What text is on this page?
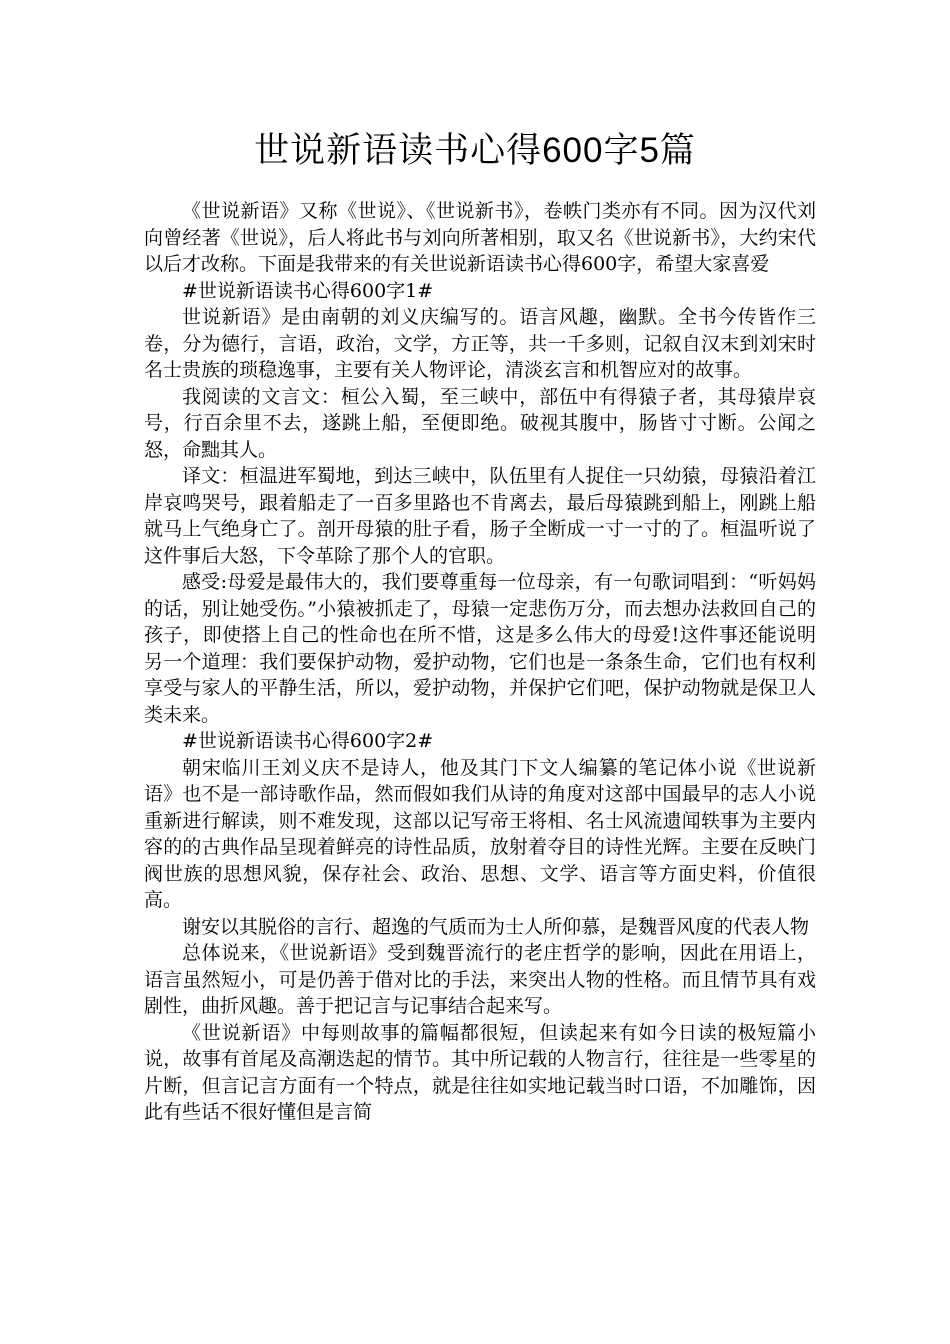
世说新语读书心得600字5篇

《世说新语》又称《世说》、《世说新书》，卷帙门类亦有不同。因为汉代刘向曾经著《世说》，后人将此书与刘向所著相别，取又名《世说新书》，大约宋代以后才改称。下面是我带来的有关世说新语读书心得600字，希望大家喜爱

#世说新语读书心得600字1#

世说新语》是由南朝的刘义庆编写的。语言风趣，幽默。全书今传皆作三卷，分为德行，言语，政治，文学，方正等，共一千多则，记叙自汉末到刘宋时名士贵族的琐稳逸事，主要有关人物评论，清淡玄言和机智应对的故事。

我阅读的文言文：桓公入蜀，至三峡中，部伍中有得猿子者，其母猿岸哀号，行百余里不去，遂跳上船，至便即绝。破视其腹中，肠皆寸寸断。公闻之怒，命黜其人。

译文：桓温进军蜀地，到达三峡中，队伍里有人捉住一只幼猿，母猿沿着江岸哀鸣哭号，跟着船走了一百多里路也不肯离去，最后母猿跳到船上，刚跳上船就马上气绝身亡了。剖开母猿的肚子看，肠子全断成一寸一寸的了。桓温听说了这件事后大怒，下令革除了那个人的官职。

感受:母爱是最伟大的，我们要尊重每一位母亲，有一句歌词唱到：“听妈妈的话，别让她受伤。”小猿被抓走了，母猿一定悲伤万分，而去想办法救回自己的孩子，即使搭上自己的性命也在所不惜，这是多么伟大的母爱!这件事还能说明另一个道理：我们要保护动物，爱护动物，它们也是一条条生命，它们也有权利享受与家人的平静生活，所以，爱护动物，并保护它们吧，保护动物就是保卫人类未来。

#世说新语读书心得600字2#

朝宋临川王刘义庆不是诗人，他及其门下文人编纂的笔记体小说《世说新语》也不是一部诗歌作品，然而假如我们从诗的角度对这部中国最早的志人小说重新进行解读，则不难发现，这部以记写帝王将相、名士风流遗闻轶事为主要内容的的古典作品呈现着鲜亮的诗性品质，放射着夺目的诗性光辉。主要在反映门阀世族的思想风貌，保存社会、政治、思想、文学、语言等方面史料，价值很高。

谢安以其脱俗的言行、超逸的气质而为士人所仰慕，是魏晋风度的代表人物

总体说来，《世说新语》受到魏晋流行的老庄哲学的影响，因此在用语上，语言虽然短小，可是仍善于借对比的手法，来突出人物的性格。而且情节具有戏剧性，曲折风趣。善于把记言与记事结合起来写。

《世说新语》中每则故事的篇幅都很短，但读起来有如今日读的极短篇小说，故事有首尾及高潮迭起的情节。其中所记载的人物言行，往往是一些零星的片断，但言记言方面有一个特点，就是往往如实地记载当时口语，不加雕饰，因此有些话不很好懂但是言简
